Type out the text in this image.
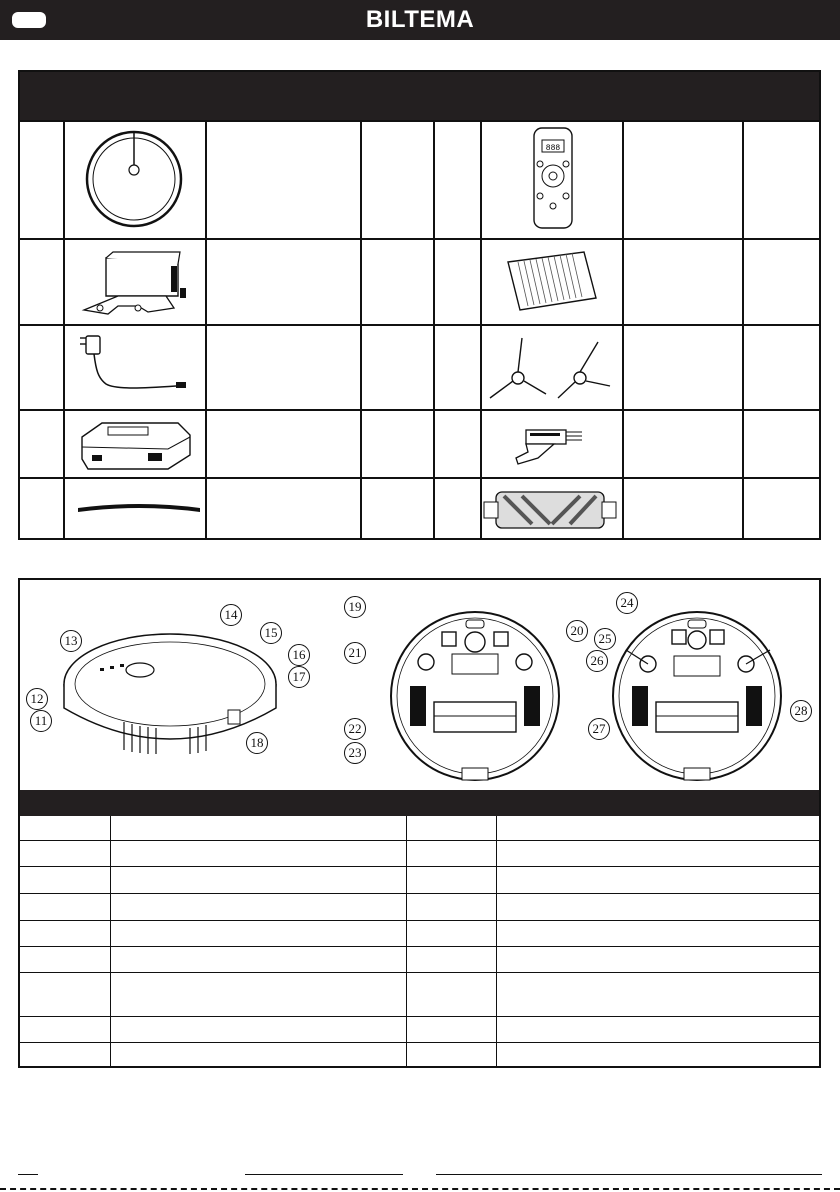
BILTEMA
888
11
12
13
14
15
16
17
18
19
20
21
22
23
24
25
26
27
28
